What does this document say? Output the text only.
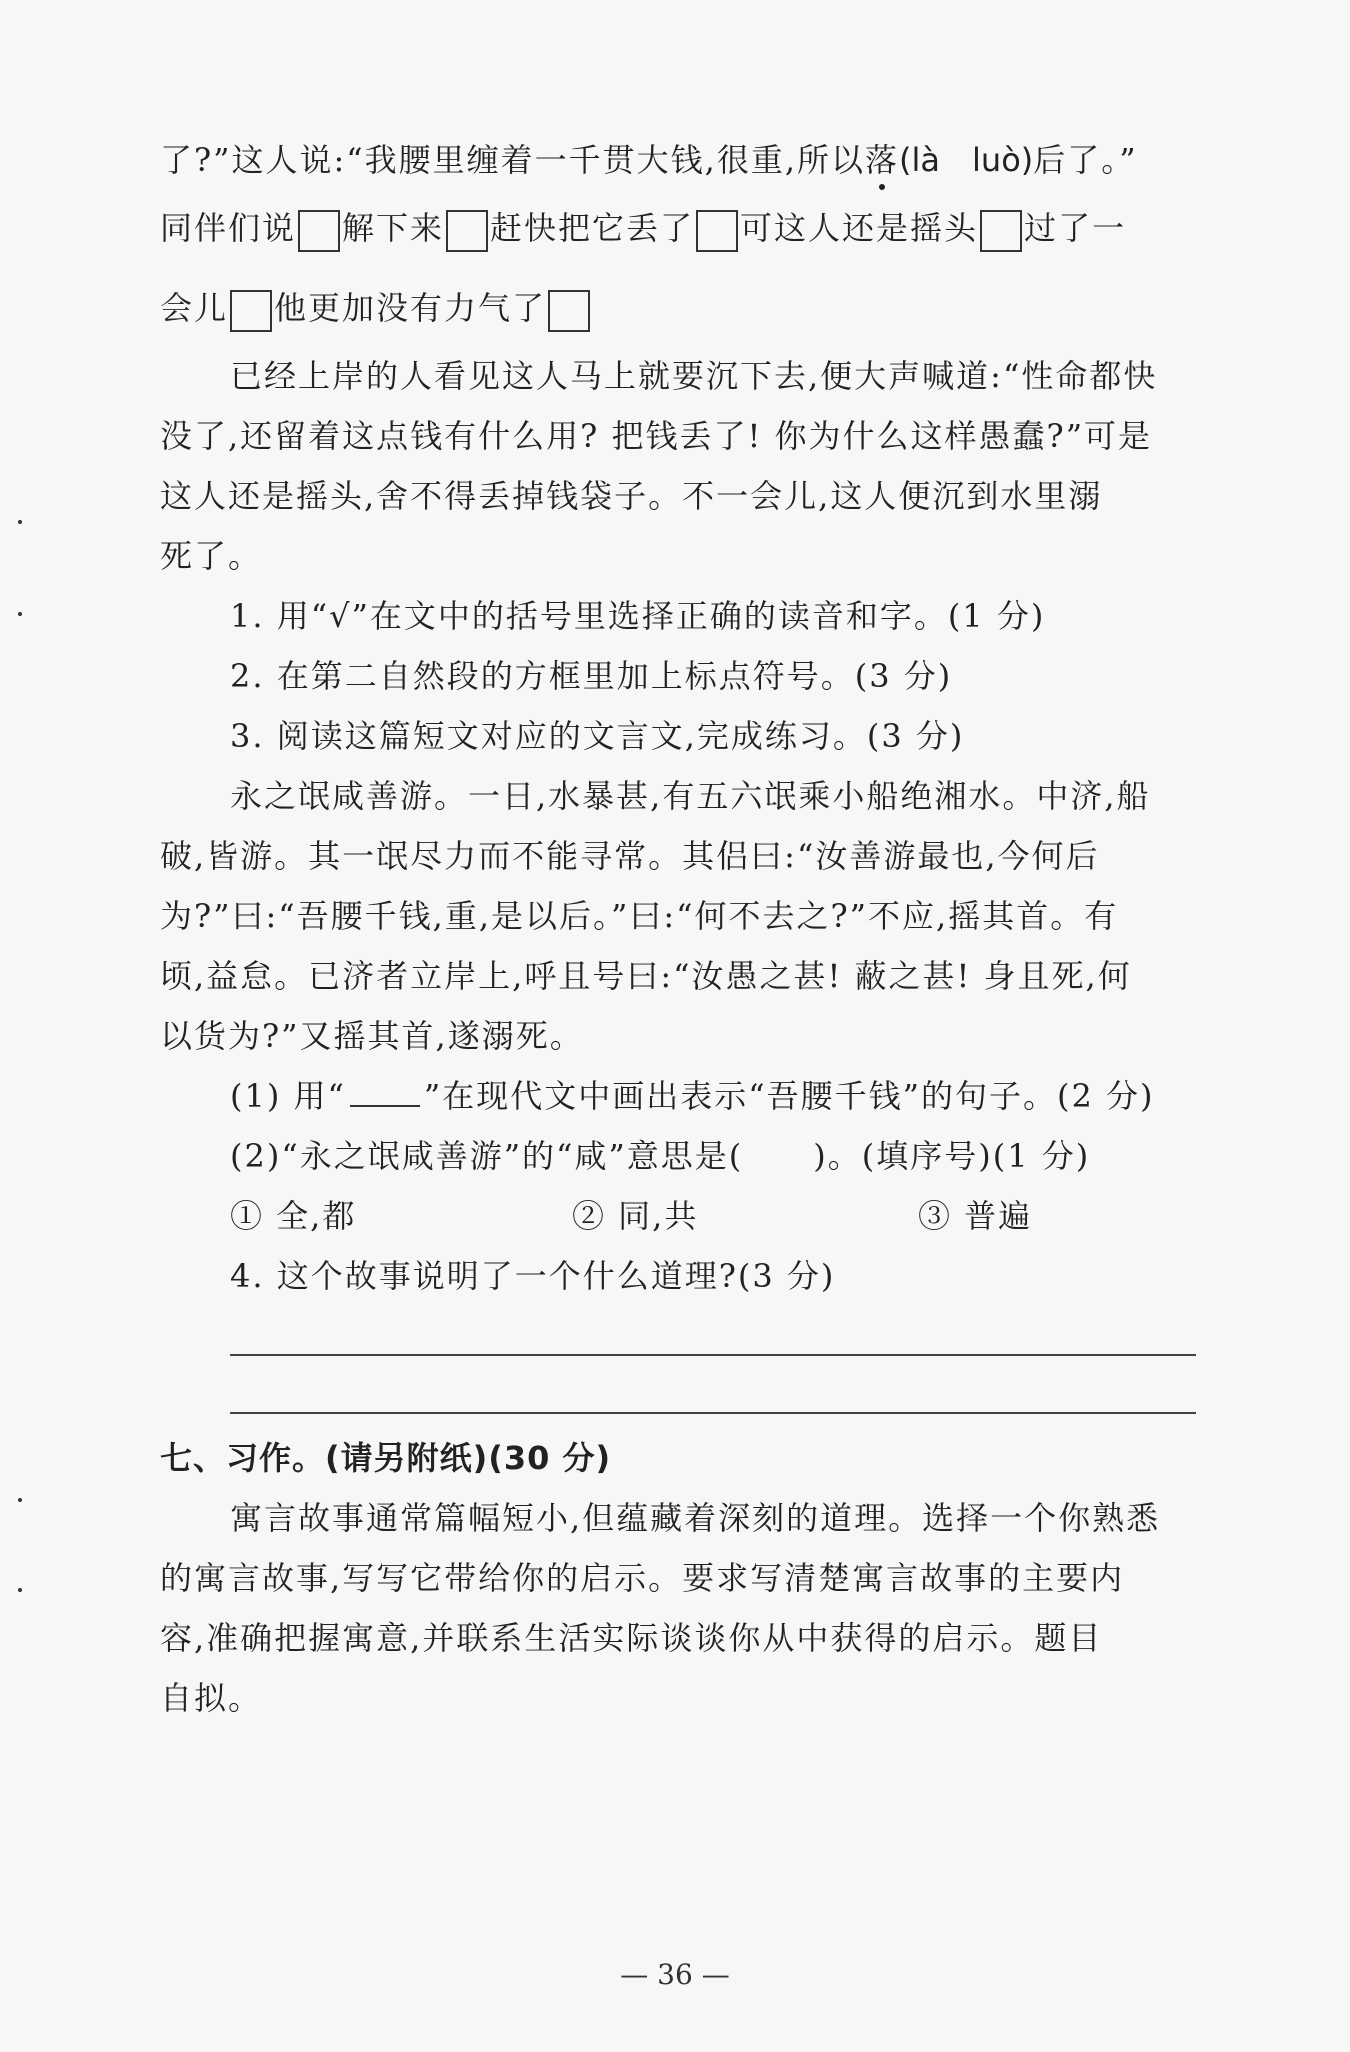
了?”这人说:“我腰里缠着一千贯大钱,很重,所以落(là　luò)后了。”
同伴们说 解下来 赶快把它丢了 可这人还是摇头 过了一
会儿 他更加没有力气了
已经上岸的人看见这人马上就要沉下去,便大声喊道:“性命都快
没了,还留着这点钱有什么用? 把钱丢了! 你为什么这样愚蠢?”可是
这人还是摇头,舍不得丢掉钱袋子。不一会儿,这人便沉到水里溺
死了。
1. 用“√”在文中的括号里选择正确的读音和字。(1 分)
2. 在第二自然段的方框里加上标点符号。(3 分)
3. 阅读这篇短文对应的文言文,完成练习。(3 分)
永之氓咸善游。一日,水暴甚,有五六氓乘小船绝湘水。中济,船
破,皆游。其一氓尽力而不能寻常。其侣曰:“汝善游最也,今何后
为?”曰:“吾腰千钱,重,是以后。”曰:“何不去之?”不应,摇其首。有
顷,益怠。已济者立岸上,呼且号曰:“汝愚之甚! 蔽之甚! 身且死,何
以货为?”又摇其首,遂溺死。
(1) 用“ ”在现代文中画出表示“吾腰千钱”的句子。(2 分)
(2)“永之氓咸善游”的“咸”意思是( )。(填序号)(1 分)
① 全,都	② 同,共	③ 普遍
4. 这个故事说明了一个什么道理?(3 分)
七、习作。(请另附纸)(30 分)
寓言故事通常篇幅短小,但蕴藏着深刻的道理。选择一个你熟悉
的寓言故事,写写它带给你的启示。要求写清楚寓言故事的主要内
容,准确把握寓意,并联系生活实际谈谈你从中获得的启示。题目
自拟。
— 36 —
